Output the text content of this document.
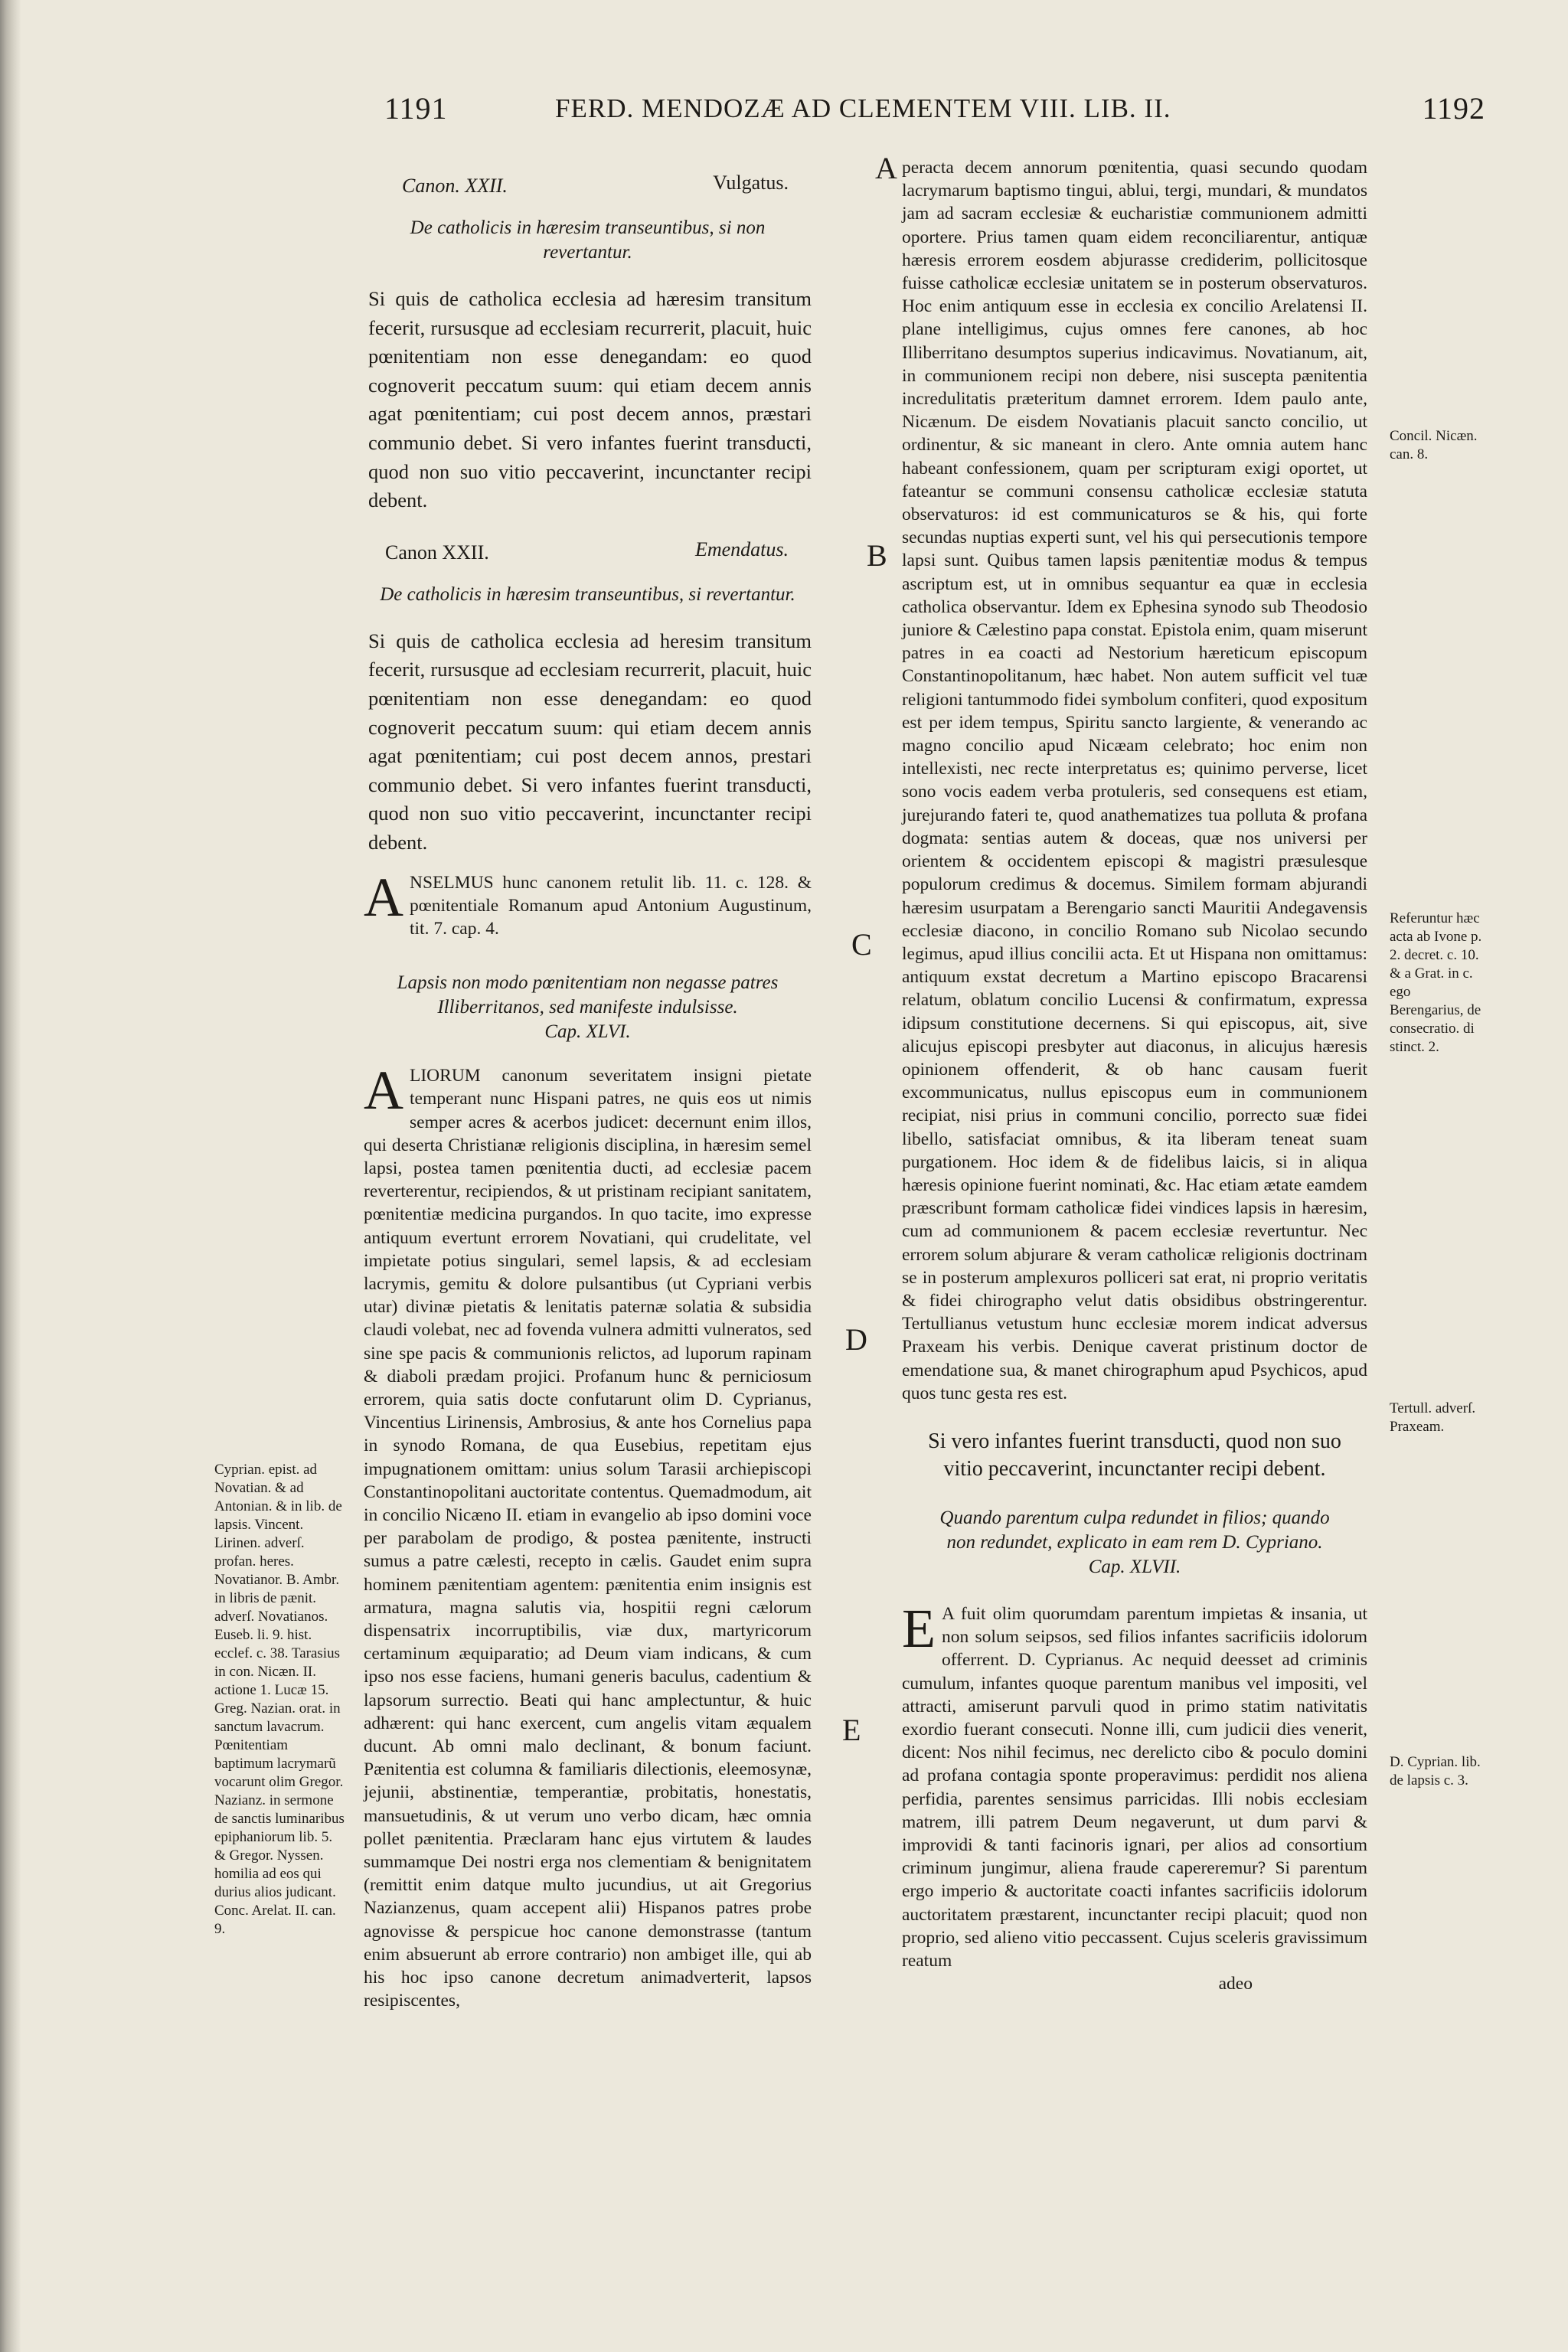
1191	FERD. MENDOZÆ AD CLEMENTEM VIII. LIB. II.	1192
Canon. XXII.	Vulgatus.
De catholicis in hæresim transeuntibus, si non revertantur.

Si quis de catholica ecclesia ad hæresim transitum fecerit, rursusque ad ecclesiam recurrerit, placuit, huic pœnitentiam non esse denegandam: eo quod cognoverit peccatum suum: qui etiam decem annis agat pœnitentiam; cui post decem annos, præstari communio debet. Si vero infantes fuerint transducti, quod non suo vitio peccaverint, incunctanter recipi debent.

Canon XXII.	Emendatus.
De catholicis in hæresim transeuntibus, si revertantur.

Si quis de catholica ecclesia ad heresim transitum fecerit, rursusque ad ecclesiam recurrerit, placuit, huic pœnitentiam non esse denegandam: eo quod cognoverit peccatum suum: qui etiam decem annis agat pœnitentiam; cui post decem annos, prestari communio debet. Si vero infantes fuerint transducti, quod non suo vitio peccaverint, incunctanter recipi debent.

ANSELMUS hunc canonem retulit lib. 11. c. 128. & pœnitentiale Romanum apud Antonium Augustinum, tit. 7. cap. 4.

Lapsis non modo pœnitentiam non negasse patres Illiberritanos, sed manifeste indulsisse.
Cap. XLVI.

ALIORUM canonum severitatem insigni pietate temperant nunc Hispani patres, ne quis eos ut nimis semper acres & acerbos judicet: decernunt enim illos, qui deserta Christianæ religionis disciplina, in hæresim semel lapsi, postea tamen pœnitentia ducti, ad ecclesiæ pacem reverterentur, recipiendos, & ut pristinam recipiant sanitatem, pœnitentiæ medicina purgandos. In quo tacite, imo expresse antiquum evertunt errorem Novatiani, qui crudelitate, vel impietate potius singulari, semel lapsis, & ad ecclesiam lacrymis, gemitu & dolore pulsantibus (ut Cypriani verbis utar) divinæ pietatis & lenitatis paternæ solatia & subsidia claudi volebat, nec ad fovenda vulnera admitti vulneratos, sed sine spe pacis & communionis relictos, ad luporum rapinam & diaboli prædam projici. Profanum hunc & perniciosum errorem, quia satis docte confutarunt olim D. Cyprianus, Vincentius Lirinensis, Ambrosius, & ante hos Cornelius papa in synodo Romana, de qua Eusebius, repetitam ejus impugnationem omittam: unius solum Tarasii archiepiscopi Constantinopolitani auctoritate contentus. Quemadmodum, ait in concilio Nicæno II. etiam in evangelio ab ipso domini voce per parabolam de prodigo, & postea pænitente, instructi sumus a patre cælesti, recepto in cælis. Gaudet enim supra hominem pænitentiam agentem: pænitentia enim insignis est armatura, magna salutis via, hospitii regni cælorum dispensatrix incorruptibilis, viæ dux, martyricorum certaminum æquiparatio; ad Deum viam indicans, & cum ipso nos esse faciens, humani generis baculus, cadentium & lapsorum surrectio. Beati qui hanc amplectuntur, & huic adhærent: qui hanc exercent, cum angelis vitam æqualem ducunt. Ab omni malo declinant, & bonum faciunt. Pænitentia est columna & familiaris dilectionis, eleemosynæ, jejunii, abstinentiæ, temperantiæ, probitatis, honestatis, mansuetudinis, & ut verum uno verbo dicam, hæc omnia pollet pænitentia. Præclaram hanc ejus virtutem & laudes summamque Dei nostri erga nos clementiam & benignitatem (remittit enim datque multo jucundius, ut ait Gregorius Nazianzenus, quam accepent alii) Hispanos patres probe agnovisse & perspicue hoc canone demonstrasse (tantum enim absuerunt ab errore contrario) non ambiget ille, qui ab his hoc ipso canone decretum animadverterit, lapsos resipiscentes,

peracta decem annorum pœnitentia, quasi secundo quodam lacrymarum baptismo tingui, ablui, tergi, mundari, & mundatos jam ad sacram ecclesiæ & eucharistiæ communionem admitti oportere. Prius tamen quam eidem reconciliarentur, antiquæ hæresis errorem eosdem abjurasse crediderim, pollicitosque fuisse catholicæ ecclesiæ unitatem se in posterum observaturos. Hoc enim antiquum esse in ecclesia ex concilio Arelatensi II. plane intelligimus, cujus omnes fere canones, ab hoc Illiberritano desumptos superius indicavimus. Novatianum, ait, in communionem recipi non debere, nisi suscepta pænitentia incredulitatis præteritum damnet errorem. Idem paulo ante, Nicænum. De eisdem Novatianis placuit sancto concilio, ut ordinentur, & sic maneant in clero. Ante omnia autem hanc habeant confessionem, quam per scripturam exigi oportet, ut fateantur se communi consensu catholicæ ecclesiæ statuta observaturos: id est communicaturos se & his, qui forte secundas nuptias experti sunt, vel his qui persecutionis tempore lapsi sunt. Quibus tamen lapsis pænitentiæ modus & tempus ascriptum est, ut in omnibus sequantur ea quæ in ecclesia catholica observantur. Idem ex Ephesina synodo sub Theodosio juniore & Cælestino papa constat. Epistola enim, quam miserunt patres in ea coacti ad Nestorium hæreticum episcopum Constantinopolitanum, hæc habet. Non autem sufficit vel tuæ religioni tantummodo fidei symbolum confiteri, quod expositum est per idem tempus, Spiritu sancto largiente, & venerando ac magno concilio apud Nicæam celebrato; hoc enim non intellexisti, nec recte interpretatus es; quinimo perverse, licet sono vocis eadem verba protuleris, sed consequens est etiam, jurejurando fateri te, quod anathematizes tua polluta & profana dogmata: sentias autem & doceas, quæ nos universi per orientem & occidentem episcopi & magistri præsulesque populorum credimus & docemus. Similem formam abjurandi hæresim usurpatam a Berengario sancti Mauritii Andegavensis ecclesiæ diacono, in concilio Romano sub Nicolao secundo legimus, apud illius concilii acta. Et ut Hispana non omittamus: antiquum exstat decretum a Martino episcopo Bracarensi relatum, oblatum concilio Lucensi & confirmatum, expressa idipsum constitutione decernens. Si qui episcopus, ait, sive alicujus episcopi presbyter aut diaconus, in alicujus hæresis opinionem offenderit, & ob hanc causam fuerit excommunicatus, nullus episcopus eum in communionem recipiat, nisi prius in communi concilio, porrecto suæ fidei libello, satisfaciat omnibus, & ita liberam teneat suam purgationem. Hoc idem & de fidelibus laicis, si in aliqua hæresis opinione fuerint nominati, &c. Hac etiam ætate eamdem præscribunt formam catholicæ fidei vindices lapsis in hæresim, cum ad communionem & pacem ecclesiæ revertuntur. Nec errorem solum abjurare & veram catholicæ religionis doctrinam se in posterum amplexuros polliceri sat erat, ni proprio veritatis & fidei chirographo velut datis obsidibus obstringerentur. Tertullianus vetustum hunc ecclesiæ morem indicat adversus Praxeam his verbis. Denique caverat pristinum doctor de emendatione sua, & manet chirographum apud Psychicos, apud quos tunc gesta res est.

Si vero infantes fuerint transducti, quod non suo vitio peccaverint, incunctanter recipi debent.
Quando parentum culpa redundet in filios; quando non redundet, explicato in eam rem D. Cypriano.
Cap. XLVII.

E A fuit olim quorumdam parentum impietas & insania, ut non solum seipsos, sed filios infantes sacrificiis idolorum offerrent. D. Cyprianus. Ac nequid deesset ad criminis cumulum, infantes quoque parentum manibus vel impositi, vel attracti, amiserunt parvuli quod in primo statim nativitatis exordio fuerant consecuti. Nonne illi, cum judicii dies venerit, dicent: Nos nihil fecimus, nec derelicto cibo & poculo domini ad profana contagia sponte properavimus: perdidit nos aliena perfidia, parentes sensimus parricidas. Illi nobis ecclesiam matrem, illi patrem Deum negaverunt, ut dum parvi & improvidi & tanti facinoris ignari, per alios ad consortium criminum jungimur, aliena fraude capereremur? Si parentum ergo imperio & auctoritate coacti infantes sacrificiis idolorum auctoritatem præstarent, incunctanter recipi placuit; quod non proprio, sed alieno vitio peccassent. Cujus sceleris gravissimum reatum

adeo
A
B
C
D
E
Concil. Nicæn. can. 8.
Referuntur hæc acta ab Ivone p. 2. decret. c. 10. & a Grat. in c. ego Berengarius, de consecratio. di stinct. 2.
Tertull. adverſ. Praxeam.
D. Cyprian. lib. de lapsis c. 3.
Cyprian. epist. ad Novatian. & ad Antonian. & in lib. de lapsis. Vincent. Lirinen. adverſ. profan. heres. Novatianor. B. Ambr. in libris de pænit. adverſ. Novatianos. Euseb. li. 9. hist. ecclef. c. 38. Tarasius in con. Nicæn. II. actione 1. Lucæ 15. Greg. Nazian. orat. in sanctum lavacrum. Pœnitentiam baptimum lacrymarũ vocarunt olim Gregor. Nazianz. in sermone de sanctis luminaribus epiphaniorum lib. 5. & Gregor. Nyssen. homilia ad eos qui durius alios judicant. Conc. Arelat. II. can. 9.
